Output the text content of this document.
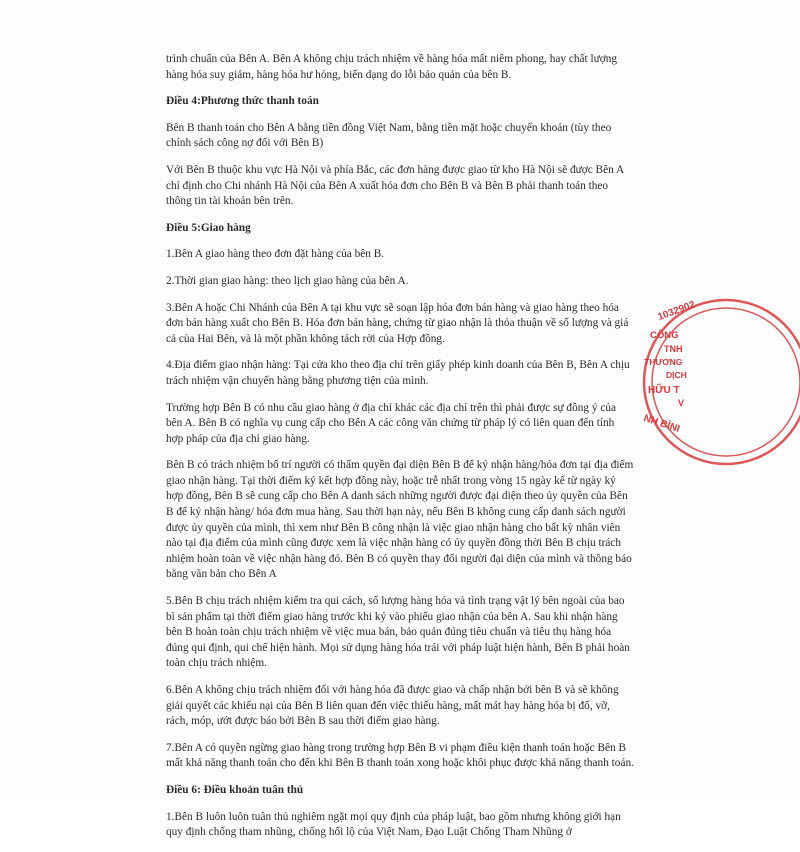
trình chuẩn của Bên A. Bên A không chịu trách nhiệm về hàng hóa mất niêm phong, hay chất lượng hàng hóa suy giảm, hàng hóa hư hỏng, biến dạng do lỗi bảo quản của bên B.

Điều 4:Phương thức thanh toán

Bên B thanh toán cho Bên A bằng tiền đồng Việt Nam, bằng tiền mặt hoặc chuyển khoản (tùy theo chính sách công nợ đối với Bên B)

Với Bên B thuộc khu vực Hà Nội và phía Bắc, các đơn hàng được giao từ kho Hà Nội sẽ được Bên A chỉ định cho Chi nhánh Hà Nội của Bên A xuất hóa đơn cho Bên B và Bên B phải thanh toán theo thông tin tài khoản bên trên.

Điều 5:Giao hàng

1.Bên A giao hàng theo đơn đặt hàng của bên B.

2.Thời gian giao hàng: theo lịch giao hàng của bên A.

3.Bên A hoặc Chi Nhánh của Bên A tại khu vực sẽ soạn lập hóa đơn bán hàng và giao hàng theo hóa đơn bán hàng xuất cho Bên B. Hóa đơn bán hàng, chứng từ giao nhận là thỏa thuận về số lượng và giá cả của Hai Bên, và là một phần không tách rời của Hợp đồng.

4.Địa điểm giao nhận hàng: Tại cửa kho theo địa chỉ trên giấy phép kinh doanh của Bên B, Bên A chịu trách nhiệm vận chuyển hàng bằng phương tiện của mình.

Trường hợp Bên B có nhu cầu giao hàng ở địa chỉ khác các địa chỉ trên thì phải được sự đồng ý của bên A. Bên B có nghĩa vụ cung cấp cho Bên A các công văn chứng từ pháp lý có liên quan đến tính hợp pháp của địa chỉ giao hàng.

Bên B có trách nhiệm bố trí người có thẩm quyền đại diện Bên B để ký nhận hàng/hóa đơn tại địa điểm giao nhận hàng. Tại thời điểm ký kết hợp đồng này, hoặc trễ nhất trong vòng 15 ngày kể từ ngày ký hợp đồng, Bên B sẽ cung cấp cho Bên A danh sách những người được đại diện theo ủy quyền của Bên B để ký nhận hàng/ hóa đơn mua hàng. Sau thời hạn này, nếu Bên B không cung cấp danh sách người được ủy quyền của mình, thì xem như Bên B công nhận là việc giao nhận hàng cho bất kỳ nhân viên nào tại địa điểm của mình cũng được xem là việc nhận hàng có ủy quyền đồng thời Bên B chịu trách nhiệm hoàn toàn về việc nhận hàng đó. Bên B có quyền thay đổi người đại diện của mình và thông báo bằng văn bản cho Bên A

5.Bên B chịu trách nhiệm kiểm tra qui cách, số lượng hàng hóa và tình trạng vật lý bên ngoài của bao bì sản phẩm tại thời điểm giao hàng trước khi ký vào phiếu giao nhận của bên A. Sau khi nhận hàng bên B hoàn toàn chịu trách nhiệm về việc mua bán, bảo quản đúng tiêu chuẩn và tiêu thụ hàng hóa đúng qui định, qui chế hiện hành. Mọi sử dụng hàng hóa trái với pháp luật hiện hành, Bên B phải hoàn toàn chịu trách nhiệm.

6.Bên A không chịu trách nhiệm đối với hàng hóa đã được giao và chấp nhận bởi bên B và sẽ không giải quyết các khiếu nại của Bên B liên quan đến việc thiếu hàng, mất mát hay hàng hóa bị đổ, vỡ, rách, móp, ướt được báo bởi Bên B sau thời điểm giao hàng.

7.Bên A có quyền ngừng giao hàng trong trường hợp Bên B vi phạm điều kiện thanh toán hoặc Bên B mất khả năng thanh toán cho đến khi Bên B thanh toán xong hoặc khôi phục được khả năng thanh toán.

Điều 6: Điều khoản tuân thủ

1.Bên B luôn luôn tuân thủ nghiêm ngặt mọi quy định của pháp luật, bao gồm nhưng không giới hạn quy định chống tham nhũng, chống hối lộ của Việt Nam, Đạo Luật Chống Tham Nhũng ở

1032902
CÔNG
TNH
THƯƠNG
DỊCH
HỮU T
V
NH BÌNI
